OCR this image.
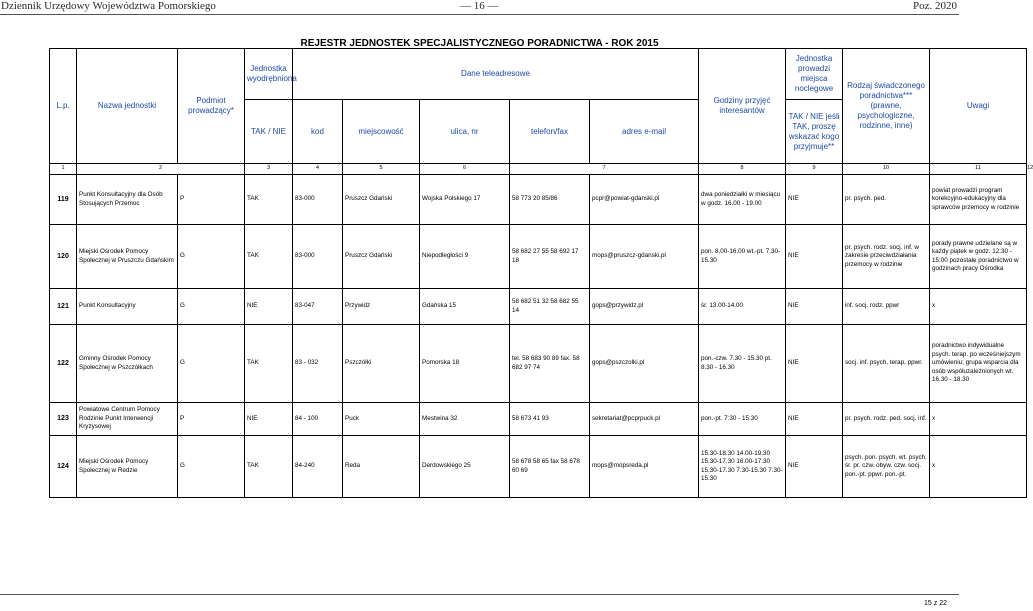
Dziennik Urzędowy Województwa Pomorskiego	— 16 —	Poz. 2020
REJESTR JEDNOSTEK SPECJALISTYCZNEGO PORADNICTWA - ROK 2015
L.p.	Nazwa jednostki	Podmiot prowadzący*	Jednostka wyodrębniona	Dane teleadresowe					Godziny przyjęć interesantów	Jednostka prowadzi miejsca noclegowe	Rodzaj świadczonego poradnictwa*** (prawne, psychologiczne, rodzinne, inne)	Uwagi	
			TAK / NIE	kod	miejscowość	ulica, nr	telefon/fax	adres e-mail		TAK / NIE jeśli TAK, proszę wskazać kogo przyjmuje**			
1	2		3	4	5	6	7		8	9	10	11	12
119	Punkt Konsultacyjny dla Osób Stosujących Przemoc	P	TAK	83-000	Pruszcz Gdański	Wojska Polskiego 17	58 773 20 85/86	pcpr@powiat-gdanski.pl	dwa poniedziałki w miesiącu w godz. 16.00 - 19.00	NIE	pr. psych. ped.	powiat prowadzi program korekcyjno-edukacyjny dla sprawców przemocy w rodzinie	
120	Miejski Ośrodek Pomocy Społecznej w Pruszczu Gdańskim	G	TAK	83-000	Pruszcz Gdański	Niepodległości 9	58 682 27 55 58 692 17 18	mops@pruszcz-gdanski.pl	pon. 8,00-16.00 wt.-pt. 7.30-15.30	NIE	pr. psych. rodz. socj. inf. w zakresie przeciwdziałania przemocy w rodzinie	porady prawne udzielane są w każdy piątek w godz. 12:30 - 15:00 pozostałe poradnictwo w godzinach pracy Ośrodka	
121	Punkt Konsultacyjny	G	NIE	83-047	Przywidz	Gdańska 15	58 682 51 32 58 682 55 14	gops@przywidz.pl	śr. 13.00-14.00	NIE	inf. socj. rodz. ppwr	x	
122	Gminny Ośrodek Pomocy Społecznej w Pszczółkach	G	TAK	83 - 032	Pszczółki	Pomorska 18	tel. 58 683 90 89 fax. 58 682 97 74	gops@pszczolki.pl	pon.-czw. 7.30 - 15.30 pt. 8.30 - 16.30	NIE	socj. inf. psych. terap. ppwr.	poradnictwo indywidualne psych. terap. po wcześniejszym umówieniu; grupa wsparcia dla osób współuzależnionych wt. 16.30 - 18.30	
123	Powiatowe Centrum Pomocy Rodzinie Punkt Interwencji Kryzysowej	P	NIE	84 - 100	Puck	Mestwina 32	58 673 41 93	sekretariat@pcprpuck.pl	pon.-pt. 7:30 - 15:30	NIE	pr. psych. rodz. ped. socj. inf.	x	
124	Miejski Ośrodek Pomocy Społecznej w Redzie	G	TAK	84-240	Reda	Derdowskiego 25	58 678 58 65 fax 58 678 60 69	mops@mopsreda.pl	15.30-18.30 14.00-19.30 15.30-17.30 16.00-17.30 15.30-17.30 7.30-15.30 7.30-15.30	NIE	psych. pon. psych. wt. psych. śr. pr. czw. obyw. czw. socj. pon.-pt. ppwr. pon.-pt.	x	
15 z 22
